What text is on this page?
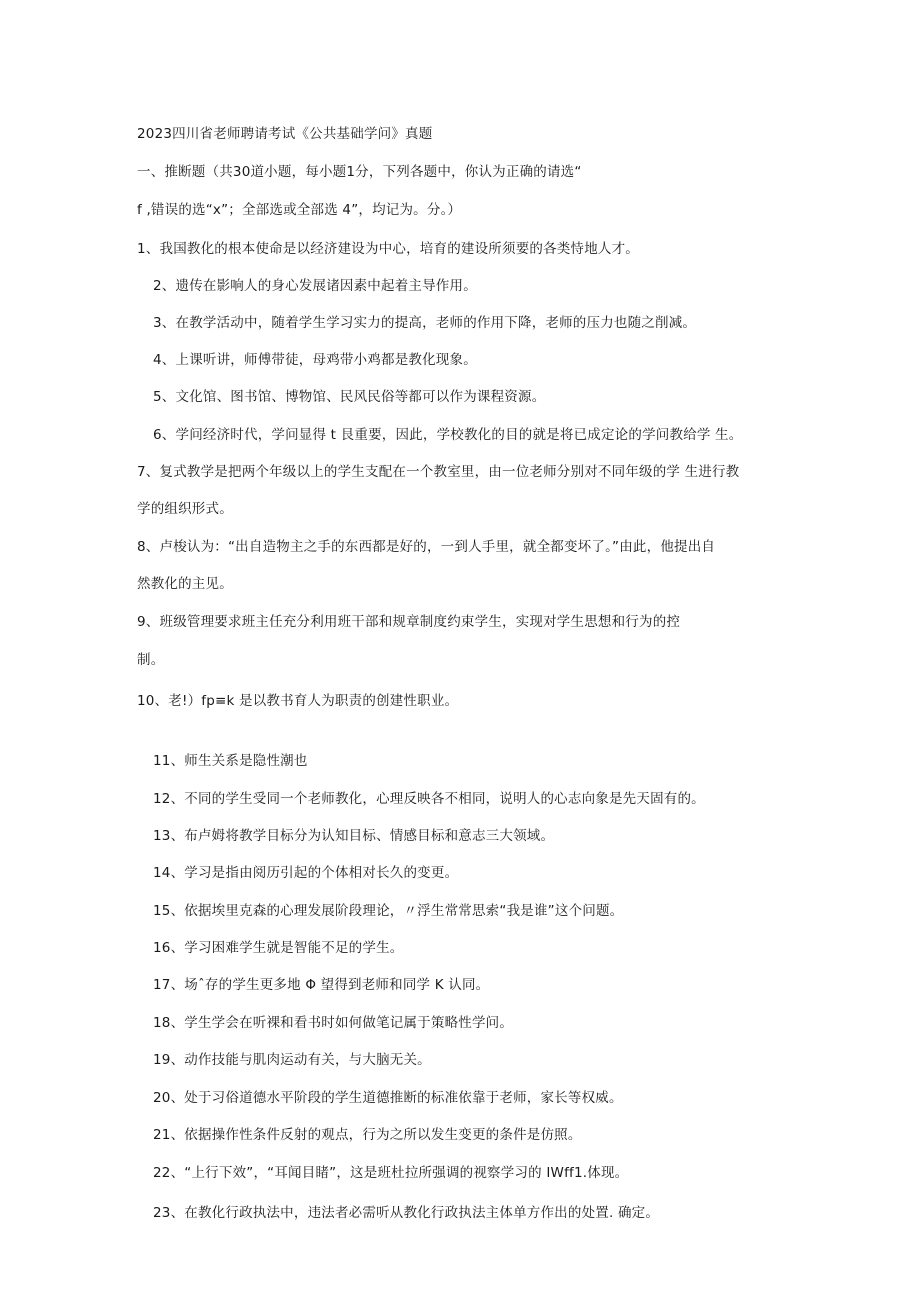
2023四川省老师聘请考试《公共基础学问》真题
一、推断题（共30道小题，每小题1分，下列各题中，你认为正确的请选“
f ,错误的选“x”；全部选或全部选 4”，均记为。分。）
1、我国教化的根本使命是以经济建设为中心，培育的建设所须要的各类恃地人才。
2、遗传在影响人的身心发展诸因素中起着主导作用。
3、在教学活动中，随着学生学习实力的提高，老师的作用下降，老师的压力也随之削减。
4、上课听讲，师傅带徒，母鸡带小鸡都是教化现象。
5、文化馆、图书馆、博物馆、民风民俗等都可以作为课程资源。
6、学问经济时代，学问显得 t 艮重要，因此，学校教化的目的就是将已成定论的学问教给学 生。
7、复式教学是把两个年级以上的学生支配在一个教室里，由一位老师分别对不同年级的学 生进行教
学的组织形式。
8、卢梭认为：“出自造物主之手的东西都是好的，一到人手里，就全都变坏了。”由此，他提出自
然教化的主见。
9、班级管理要求班主任充分利用班干部和规章制度约束学生，实现对学生思想和行为的控
制。
10、老!）fp≡k 是以教书育人为职责的创建性职业。
11、师生关系是隐性潮也
12、不同的学生受同一个老师教化，心理反映各不相同，说明人的心志向象是先天固有的。
13、布卢姆将教学目标分为认知目标、情感目标和意志三大领域。
14、学习是指由阅历引起的个体相对长久的变更。
15、依据埃里克森的心理发展阶段理论，〃浮生常常思索“我是谁”这个问题。
16、学习困难学生就是智能不足的学生。
17、场ˆ存的学生更多地 Φ 望得到老师和同学 K 认同。
18、学生学会在听裸和看书时如何做笔记属于策略性学问。
19、动作技能与肌肉运动有关，与大脑无关。
20、处于习俗道德水平阶段的学生道德推断的标准依靠于老师，家长等权威。
21、依据操作性条件反射的观点，行为之所以发生变更的条件是仿照。
22、“上行下效”，“耳闻目睹”，这是班杜拉所强调的视察学习的 IWff1.体现。
23、在教化行政执法中，违法者必需听从教化行政执法主体单方作出的处置. 确定。
